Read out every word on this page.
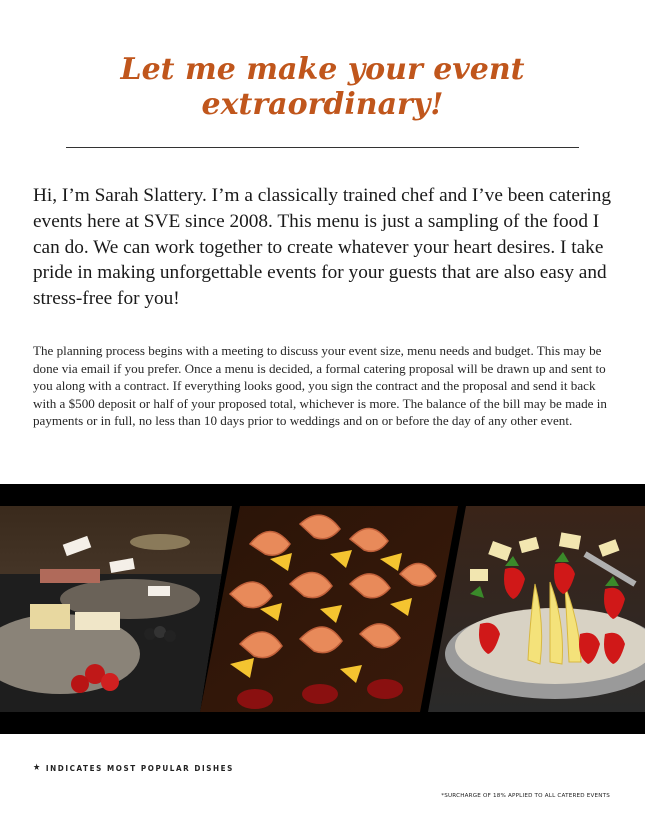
Let me make your event extraordinary!

Hi, I’m Sarah Slattery. I’m a classically trained chef and I’ve been catering events here at SVE since 2008. This menu is just a sampling of the food I can do. We can work together to create whatever your heart desires. I take pride in making unforgettable events for your guests that are also easy and stress-free for you!

The planning process begins with a meeting to discuss your event size, menu needs and budget. This may be done via email if you prefer. Once a menu is decided, a formal catering proposal will be drawn up and sent to you along with a contract. If everything looks good, you sign the contract and the proposal and send it back with a $500 deposit or half of your proposed total, whichever is more. The balance of the bill may be made in payments or in full, no less than 10 days prior to weddings and on or before the day of any other event.

★ INDICATES MOST POPULAR DISHES
*SURCHARGE OF 18% APPLIED TO ALL CATERED EVENTS
